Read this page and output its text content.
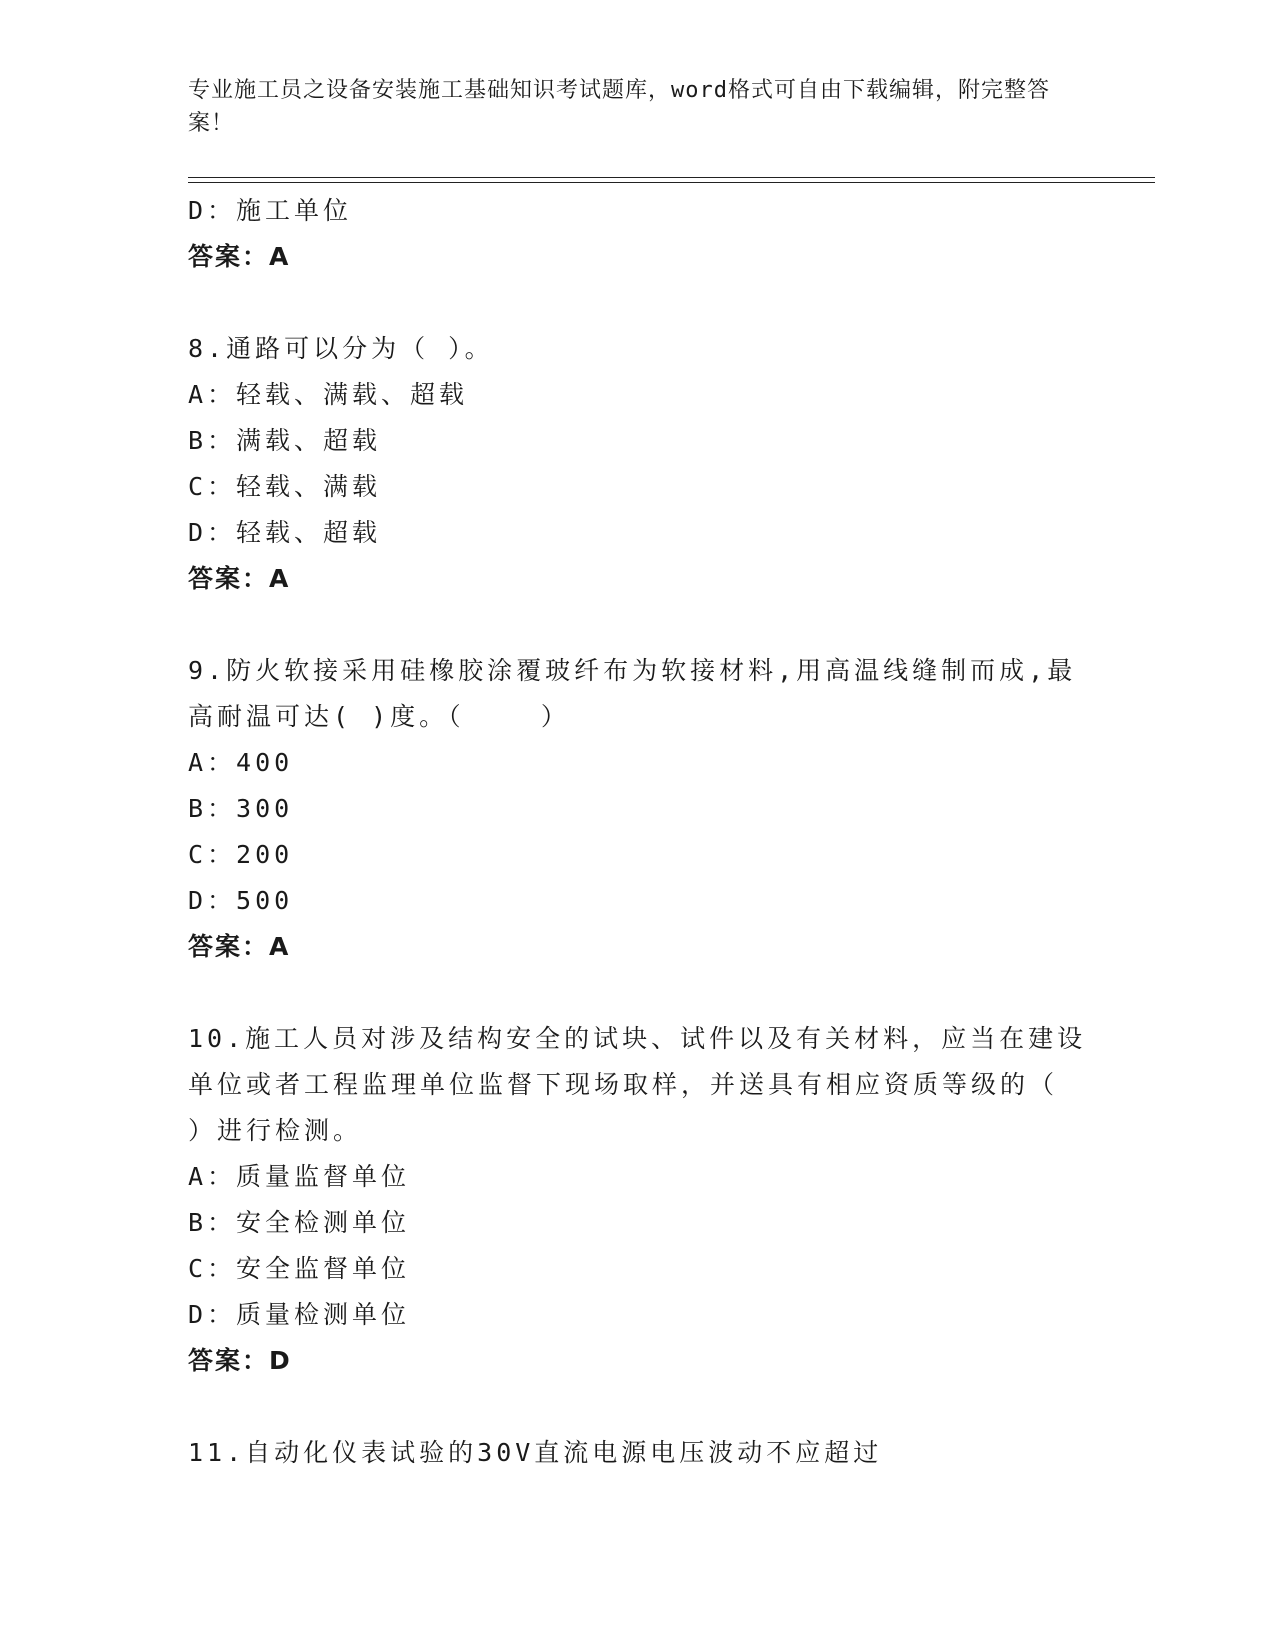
专业施工员之设备安装施工基础知识考试题库，word格式可自由下载编辑，附完整答案！
D：施工单位
答案：A
8.通路可以分为（ ）。
A：轻载、满载、超载
B：满载、超载
C：轻载、满载
D：轻载、超载
答案：A
9.防火软接采用硅橡胶涂覆玻纤布为软接材料,用高温线缝制而成,最
高耐温可达( )度。（    ）
A：400
B：300
C：200
D：500
答案：A
10.施工人员对涉及结构安全的试块、试件以及有关材料，应当在建设
单位或者工程监理单位监督下现场取样，并送具有相应资质等级的（
）进行检测。
A：质量监督单位
B：安全检测单位
C：安全监督单位
D：质量检测单位
答案：D
11.自动化仪表试验的30V直流电源电压波动不应超过
